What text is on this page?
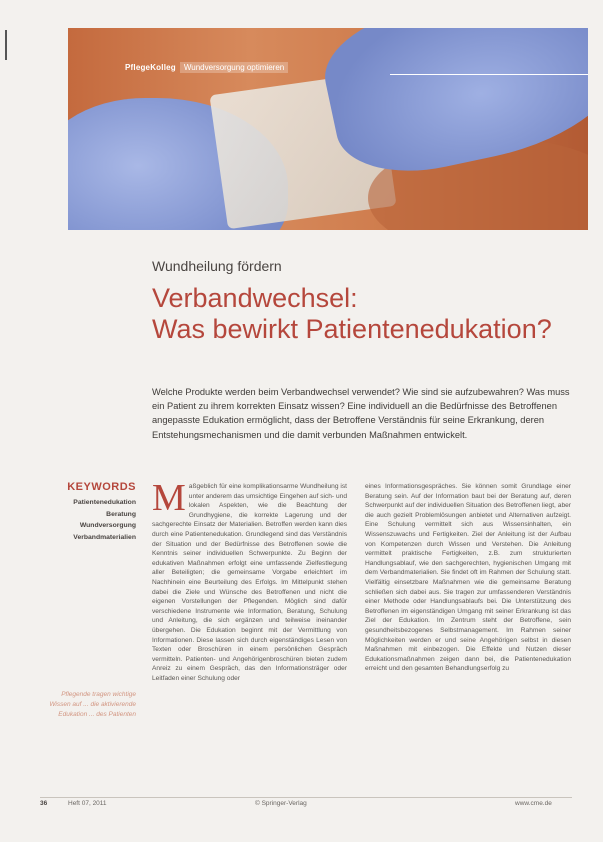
PflegeKolleg	Wundversorgung optimieren
Wundheilung fördern
Verbandwechsel:
Was bewirkt Patientenedukation?
Welche Produkte werden beim Verbandwechsel verwendet? Wie sind sie aufzubewahren? Was muss ein Patient zu ihrem korrekten Einsatz wissen? Eine individuell an die Bedürfnisse des Betroffenen angepasste Edukation ermöglicht, dass der Betroffene Verständnis für seine Erkrankung, deren Entstehungsmechanismen und die damit verbunden Maßnahmen entwickelt.
KEYWORDS
Patientenedukation
Beratung
Wundversorgung
Verbandmaterialien
Pflegende tragen wichtige Wissen auf ... die aktivierende Edukation ... des Patienten
M aßgeblich für eine komplikationsarme Wundheilung ist unter anderem das umsichtige Eingehen auf sich- und lokalen Aspekten, wie die Beachtung der Grundhygiene, die korrekte Lagerung und der sachgerechte Einsatz der Materialien. Betroffen werden kann dies durch eine Patientenedukation. Grundlegend sind das Verständnis der Situation und der Bedürfnisse des Betroffenen sowie die Kenntnis seiner individuellen Schwerpunkte. Zu Beginn der edukativen Maßnahmen erfolgt eine umfassende Zielfestlegung aller Beteiligten; die gemeinsame Vorgabe erleichtert im Nachhinein eine Beurteilung des Erfolgs. Im Mittelpunkt stehen dabei die Ziele und Wünsche des Betroffenen und nicht die eigenen Vorstellungen der Pflegenden. Möglich sind dafür verschiedene Instrumente wie Information, Beratung, Schulung und Anleitung, die sich ergänzen und teilweise ineinander übergehen. Die Edukation beginnt mit der Vermittlung von Informationen. Diese lassen sich durch eigenständiges Lesen von Texten oder Broschüren in einem persönlichen Gespräch vermitteln. Patienten- und Angehörigenbroschüren bieten zudem Anreiz zu einem Gespräch, das den Informationsträger oder Leitfaden einer Schulung oder
eines Informationsgespräches. Sie können somit Grundlage einer Beratung sein. Auf der Information baut bei der Beratung auf, deren Schwerpunkt auf der individuellen Situation des Betroffenen liegt, aber die auch gezielt Problemlösungen anbietet und Alternativen aufzeigt. Eine Schulung vermittelt sich aus Wissensinhalten, ein Wissenszuwachs und Fertigkeiten. Ziel der Anleitung ist der Aufbau von Kompetenzen durch Wissen und Verstehen. Die Anleitung vermittelt praktische Fertigkeiten, z.B. zum strukturierten Handlungsablauf, wie den sachgerechten, hygienischen Umgang mit dem Verbandmaterialien. Sie findet oft im Rahmen der Schulung statt. Vielfältig einsetzbare Maßnahmen wie die gemeinsame Beratung schließen sich dabei aus. Sie tragen zur umfassenderen Verständnis einer Methode oder Handlungsablaufs bei. Die Unterstützung des Betroffenen im eigenständigen Umgang mit seiner Erkrankung ist das Ziel der Edukation. Im Zentrum steht der Betroffene, sein gesundheitsbezogenes Selbstmanagement. Im Rahmen seiner Möglichkeiten werden er und seine Angehörigen selbst in diesen Maßnahmen mit einbezogen. Die Effekte und Nutzen dieser Edukationsmaßnahmen zeigen dann bei, die Patientenedukation erreicht und den gesamten Behandlungserfolg zu
36	Heft 07, 2011	© Springer-Verlag	www.cme.de
